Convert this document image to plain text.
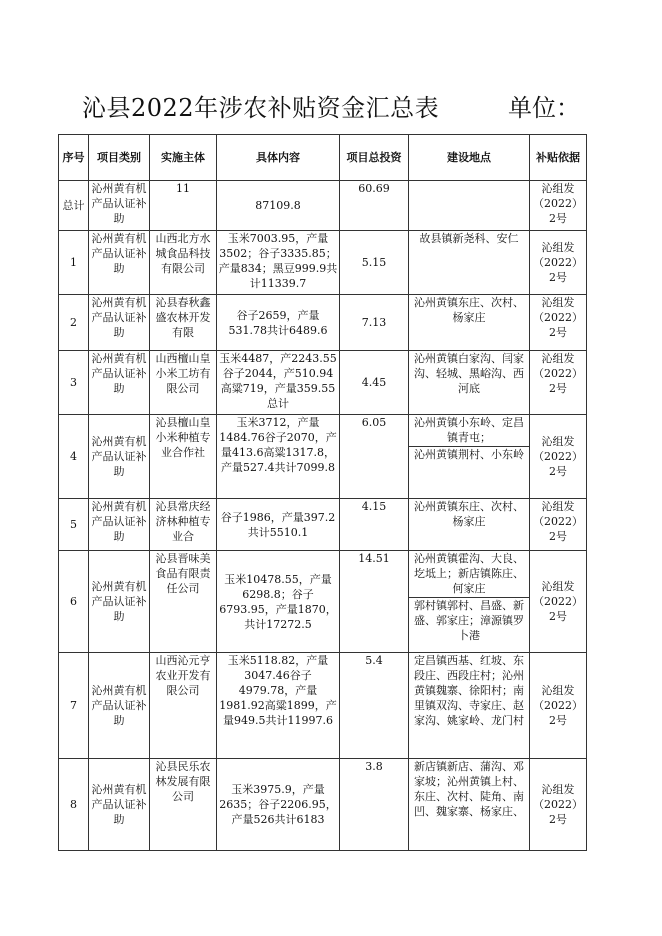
沁县2022年涉农补贴资金汇总表	单位：
序号	项目类别	实施主体	具体内容	项目总投资	建设地点	补贴依据
总计	沁州黄有机产品认证补助	11	87109.8	60.69		沁组发（2022）2号
1	沁州黄有机产品认证补助	山西北方水城食品科技有限公司	玉米7003.95，产量3502；谷子3335.85；产量834；黑豆999.9共计11339.7	5.15	故县镇新尧科、安仁	沁组发（2022）2号
2	沁州黄有机产品认证补助	沁县春秋鑫盛农林开发有限	谷子2659，产量531.78共计6489.6	7.13	沁州黄镇东庄、次村、杨家庄	沁组发（2022）2号
3	沁州黄有机产品认证补助	山西檀山皇小米工坊有限公司	玉米4487，产2243.55谷子2044，产510.94高粱719，产量359.55总计	4.45	沁州黄镇白家沟、闫家沟、轻城、黑峪沟、西河底	沁组发（2022）2号
4	沁州黄有机产品认证补助	沁县檀山皇小米种植专业合作社	玉米3712，产量1484.76谷子2070，产量413.6高粱1317.8，产量527.4共计7099.8	6.05	沁州黄镇小东岭、定昌镇青屯；
沁州黄镇荆村、小东岭	沁组发（2022）2号
5	沁州黄有机产品认证补助	沁县常庆经济林种植专业合	谷子1986，产量397.2共计5510.1	4.15	沁州黄镇东庄、次村、杨家庄	沁组发（2022）2号
6	沁州黄有机产品认证补助	沁县晋味美食品有限责任公司	玉米10478.55，产量6298.8；谷子6793.95，产量1870，共计17272.5	14.51	沁州黄镇霍沟、大良、圪坻上；新店镇陈庄、何家庄
郭村镇郭村、昌盛、新盛、郭家庄；漳源镇罗卜港	沁组发（2022）2号
7	沁州黄有机产品认证补助	山西沁元亨农业开发有限公司	玉米5118.82，产量3047.46谷子4979.78，产量1981.92高粱1899，产量949.5共计11997.6	5.4	定昌镇西基、红坡、东段庄、西段庄村；沁州黄镇魏寨、徐阳村；南里镇双沟、寺家庄、赵家沟、姚家岭、龙门村	沁组发（2022）2号
8	沁州黄有机产品认证补助	沁县民乐农林发展有限公司	玉米3975.9，产量2635；谷子2206.95，产量526共计6183	3.8	新店镇新店、蒲沟、邓家坡；沁州黄镇上村、东庄、次村、陡角、南凹、魏家寨、杨家庄、	沁组发（2022）2号
